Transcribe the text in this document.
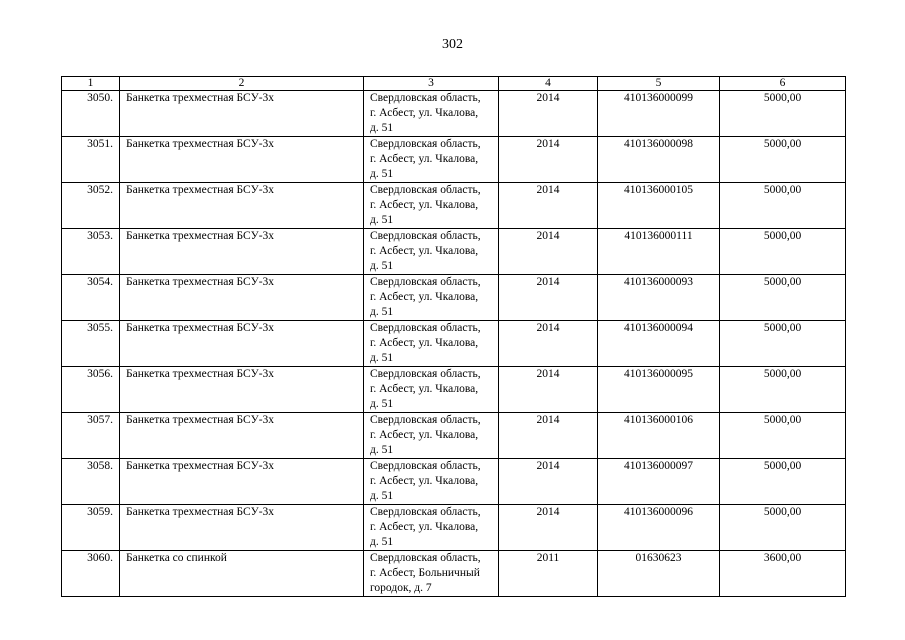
302
1	2	3	4	5	6
3050.	Банкетка трехместная БСУ-3х	Свердловская область,
г. Асбест, ул. Чкалова,
д. 51	2014	410136000099	5000,00
3051.	Банкетка трехместная БСУ-3х	Свердловская область,
г. Асбест, ул. Чкалова,
д. 51	2014	410136000098	5000,00
3052.	Банкетка трехместная БСУ-3х	Свердловская область,
г. Асбест, ул. Чкалова,
д. 51	2014	410136000105	5000,00
3053.	Банкетка трехместная БСУ-3х	Свердловская область,
г. Асбест, ул. Чкалова,
д. 51	2014	410136000111	5000,00
3054.	Банкетка трехместная БСУ-3х	Свердловская область,
г. Асбест, ул. Чкалова,
д. 51	2014	410136000093	5000,00
3055.	Банкетка трехместная БСУ-3х	Свердловская область,
г. Асбест, ул. Чкалова,
д. 51	2014	410136000094	5000,00
3056.	Банкетка трехместная БСУ-3х	Свердловская область,
г. Асбест, ул. Чкалова,
д. 51	2014	410136000095	5000,00
3057.	Банкетка трехместная БСУ-3х	Свердловская область,
г. Асбест, ул. Чкалова,
д. 51	2014	410136000106	5000,00
3058.	Банкетка трехместная БСУ-3х	Свердловская область,
г. Асбест, ул. Чкалова,
д. 51	2014	410136000097	5000,00
3059.	Банкетка трехместная БСУ-3х	Свердловская область,
г. Асбест, ул. Чкалова,
д. 51	2014	410136000096	5000,00
3060.	Банкетка со спинкой	Свердловская область,
г. Асбест, Больничный
городок, д. 7	2011	01630623	3600,00
